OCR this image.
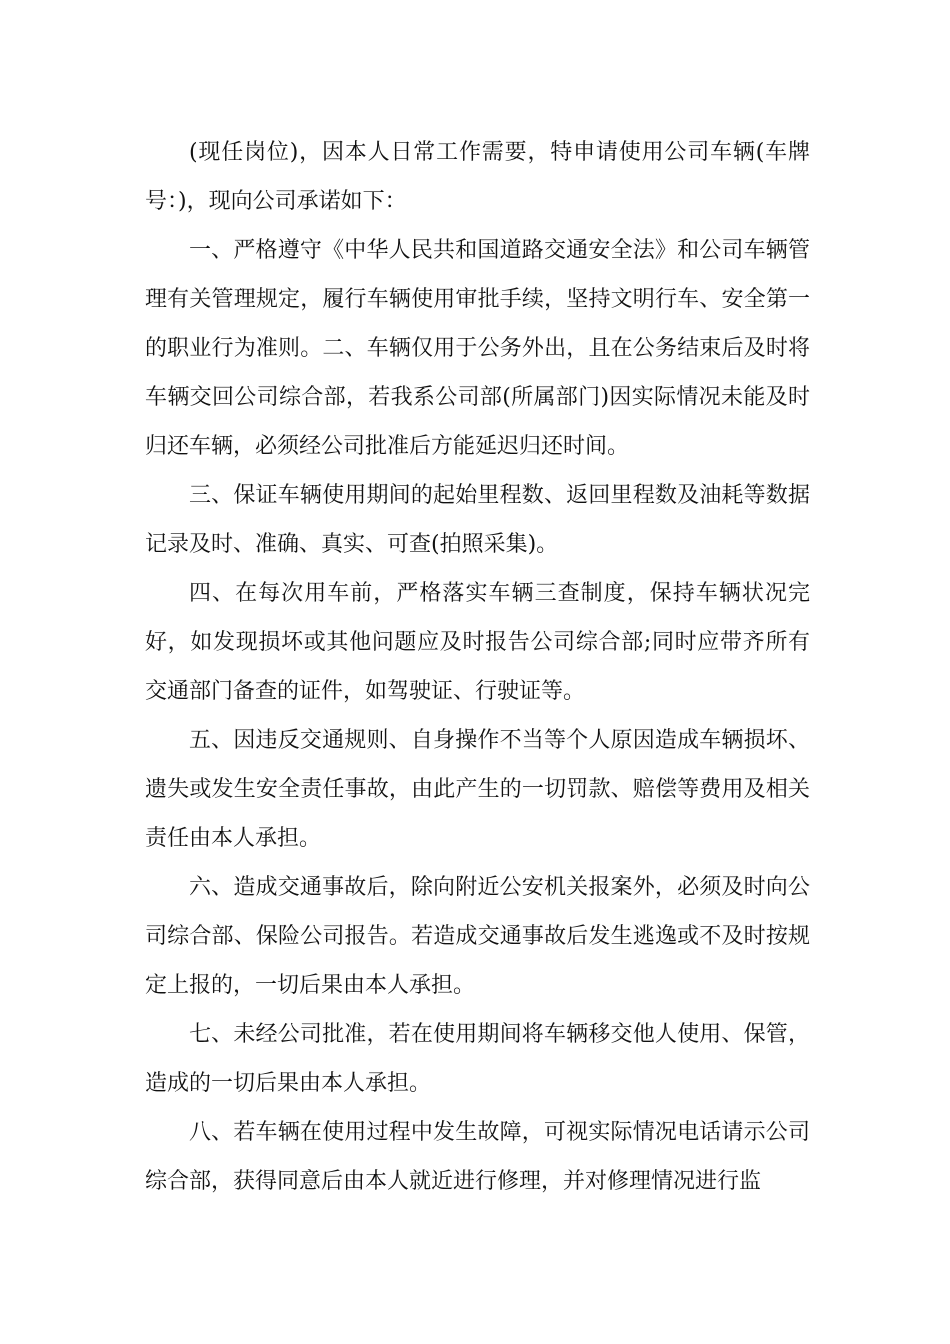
(现任岗位)，因本人日常工作需要，特申请使用公司车辆(车牌号：)，现向公司承诺如下：

一、严格遵守《中华人民共和国道路交通安全法》和公司车辆管理有关管理规定，履行车辆使用审批手续，坚持文明行车、安全第一的职业行为准则。二、车辆仅用于公务外出，且在公务结束后及时将车辆交回公司综合部，若我系公司部(所属部门)因实际情况未能及时归还车辆，必须经公司批准后方能延迟归还时间。

三、保证车辆使用期间的起始里程数、返回里程数及油耗等数据记录及时、准确、真实、可查(拍照采集)。

四、在每次用车前，严格落实车辆三查制度，保持车辆状况完好，如发现损坏或其他问题应及时报告公司综合部;同时应带齐所有交通部门备查的证件，如驾驶证、行驶证等。

五、因违反交通规则、自身操作不当等个人原因造成车辆损坏、遗失或发生安全责任事故，由此产生的一切罚款、赔偿等费用及相关责任由本人承担。

六、造成交通事故后，除向附近公安机关报案外，必须及时向公司综合部、保险公司报告。若造成交通事故后发生逃逸或不及时按规定上报的，一切后果由本人承担。

七、未经公司批准，若在使用期间将车辆移交他人使用、保管，造成的一切后果由本人承担。

八、若车辆在使用过程中发生故障，可视实际情况电话请示公司综合部，获得同意后由本人就近进行修理，并对修理情况进行监
